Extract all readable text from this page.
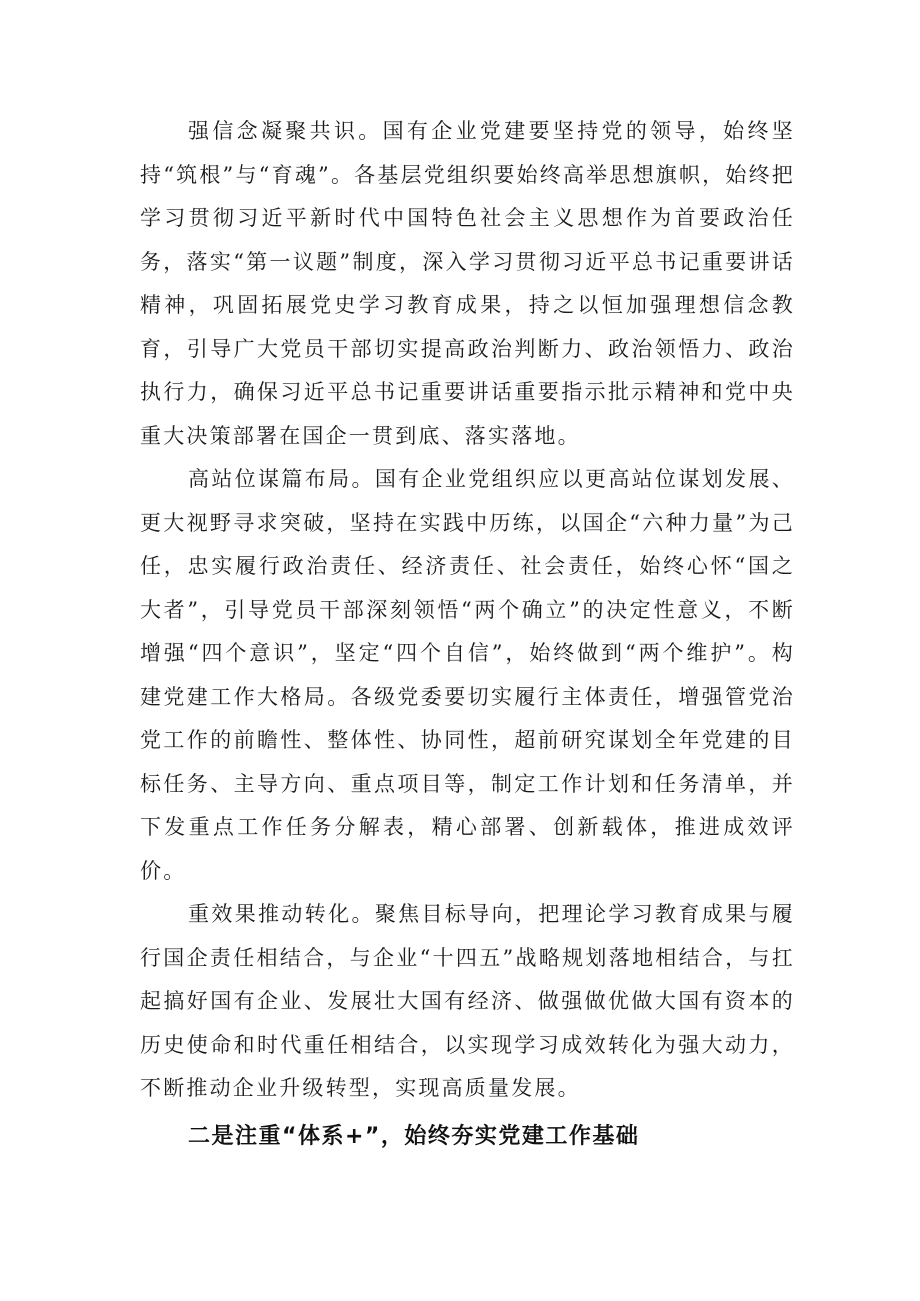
强信念凝聚共识。国有企业党建要坚持党的领导，始终坚持“筑根”与“育魂”。各基层党组织要始终高举思想旗帜，始终把学习贯彻习近平新时代中国特色社会主义思想作为首要政治任务，落实“第一议题”制度，深入学习贯彻习近平总书记重要讲话精神，巩固拓展党史学习教育成果，持之以恒加强理想信念教育，引导广大党员干部切实提高政治判断力、政治领悟力、政治执行力，确保习近平总书记重要讲话重要指示批示精神和党中央重大决策部署在国企一贯到底、落实落地。

高站位谋篇布局。国有企业党组织应以更高站位谋划发展、更大视野寻求突破，坚持在实践中历练，以国企“六种力量”为己任，忠实履行政治责任、经济责任、社会责任，始终心怀“国之大者”，引导党员干部深刻领悟“两个确立”的决定性意义，不断增强“四个意识”，坚定“四个自信”，始终做到“两个维护”。构建党建工作大格局。各级党委要切实履行主体责任，增强管党治党工作的前瞻性、整体性、协同性，超前研究谋划全年党建的目标任务、主导方向、重点项目等，制定工作计划和任务清单，并下发重点工作任务分解表，精心部署、创新载体，推进成效评价。

重效果推动转化。聚焦目标导向，把理论学习教育成果与履行国企责任相结合，与企业“十四五”战略规划落地相结合，与扛起搞好国有企业、发展壮大国有经济、做强做优做大国有资本的历史使命和时代重任相结合，以实现学习成效转化为强大动力，不断推动企业升级转型，实现高质量发展。

二是注重“体系+”，始终夯实党建工作基础
